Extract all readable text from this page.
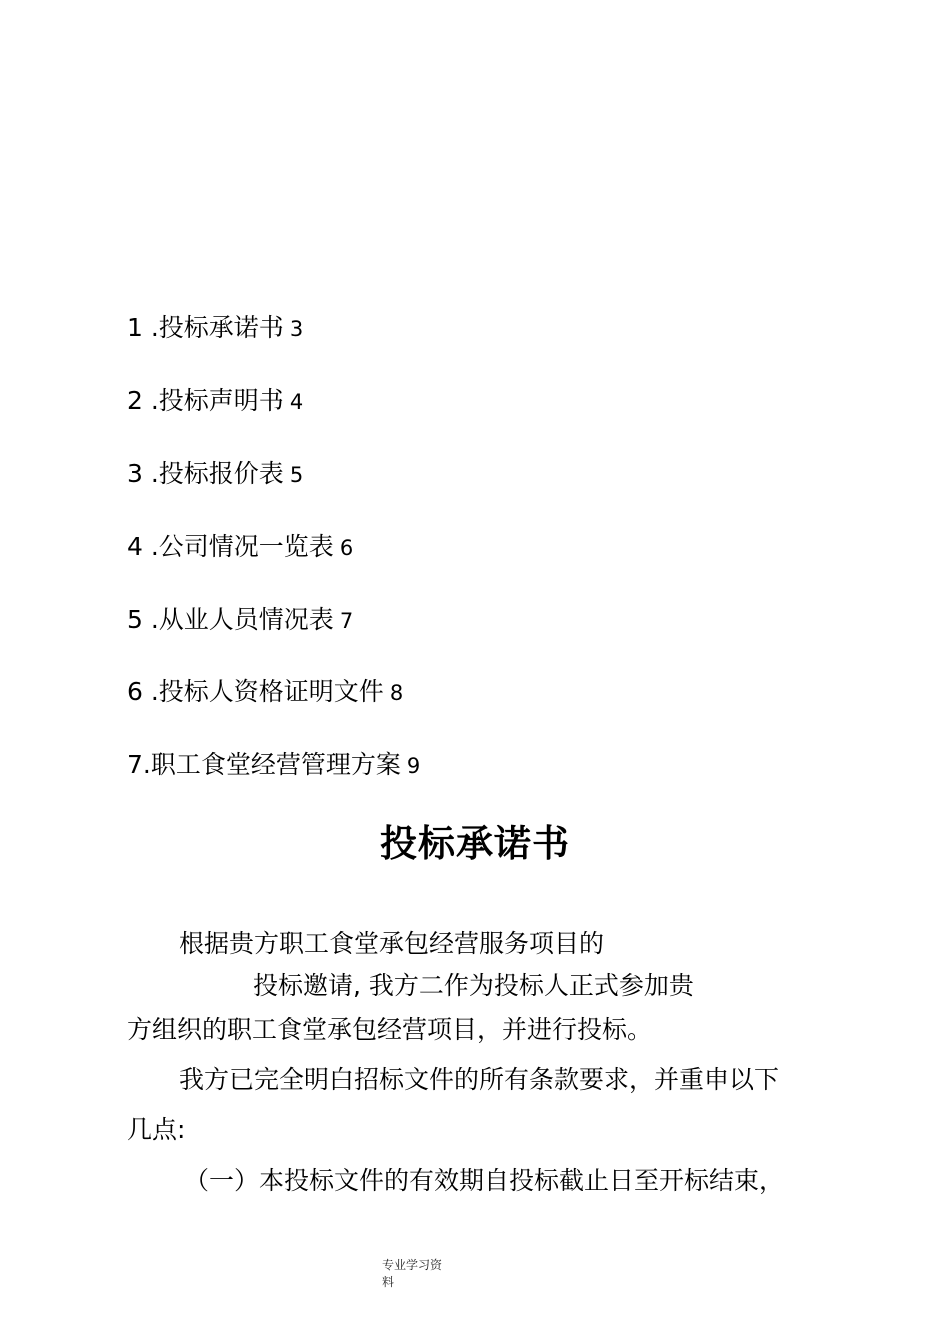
1 .投标承诺书 3
2 .投标声明书 4
3 .投标报价表 5
4 .公司情况一览表 6
5 .从业人员情况表 7
6 .投标人资格证明文件 8
7.职工食堂经营管理方案 9
投标承诺书
根据贵方职工食堂承包经营服务项目的
投标邀请, 我方二作为投标人正式参加贵
方组织的职工食堂承包经营项目，并进行投标。
我方已完全明白招标文件的所有条款要求，并重申以下
几点:
（一）本投标文件的有效期自投标截止日至开标结束，
专业学习资
料
